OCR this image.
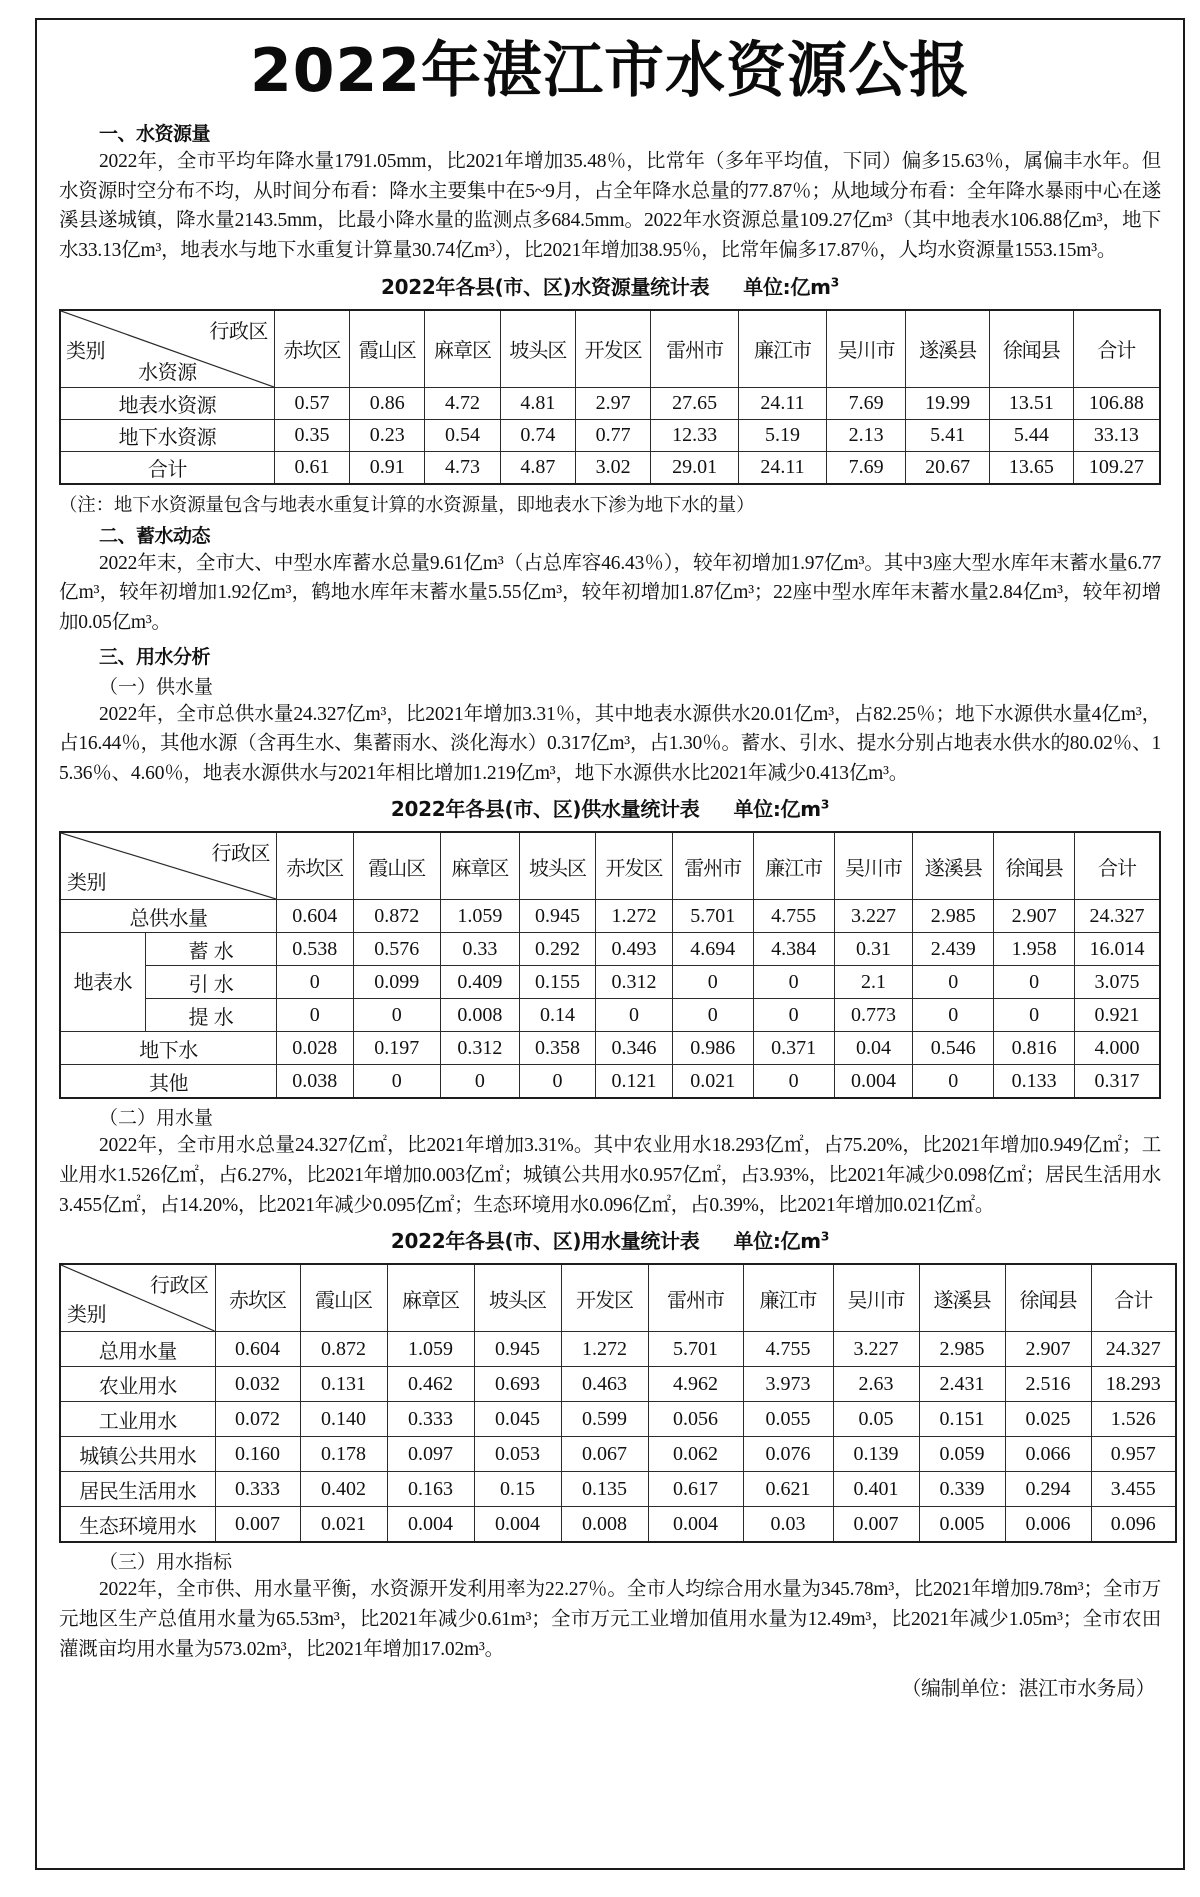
2022年湛江市水资源公报
一、水资源量

2022年，全市平均年降水量1791.05mm，比2021年增加35.48％，比常年（多年平均值，下同）偏多15.63％，属偏丰水年。但水资源时空分布不均，从时间分布看：降水主要集中在5~9月，占全年降水总量的77.87％；从地域分布看：全年降水暴雨中心在遂溪县遂城镇，降水量2143.5mm，比最小降水量的监测点多684.5mm。2022年水资源总量109.27亿m³（其中地表水106.88亿m³，地下水33.13亿m³，地表水与地下水重复计算量30.74亿m³），比2021年增加38.95％，比常年偏多17.87％，人均水资源量1553.15m³。

2022年各县(市、区)水资源量统计表 单位:亿$m^3$
行政区
类别
水资源	赤坎区	霞山区	麻章区	坡头区	开发区	雷州市	廉江市	吴川市	遂溪县	徐闻县	合计
地表水资源	0.57	0.86	4.72	4.81	2.97	27.65	24.11	7.69	19.99	13.51	106.88
地下水资源	0.35	0.23	0.54	0.74	0.77	12.33	5.19	2.13	5.41	5.44	33.13
合计	0.61	0.91	4.73	4.87	3.02	29.01	24.11	7.69	20.67	13.65	109.27
（注：地下水资源量包含与地表水重复计算的水资源量，即地表水下渗为地下水的量）
二、蓄水动态

2022年末，全市大、中型水库蓄水总量9.61亿m³（占总库容46.43％），较年初增加1.97亿m³。其中3座大型水库年末蓄水量6.77亿m³，较年初增加1.92亿m³，鹤地水库年末蓄水量5.55亿m³，较年初增加1.87亿m³；22座中型水库年末蓄水量2.84亿m³，较年初增加0.05亿m³。

三、用水分析
（一）供水量

2022年，全市总供水量24.327亿m³，比2021年增加3.31％，其中地表水源供水20.01亿m³，占82.25％；地下水源供水量4亿m³，占16.44％，其他水源（含再生水、集蓄雨水、淡化海水）0.317亿m³，占1.30％。蓄水、引水、提水分别占地表水供水的80.02％、15.36％、4.60％，地表水源供水与2021年相比增加1.219亿m³，地下水源供水比2021年减少0.413亿m³。

2022年各县(市、区)供水量统计表 单位:亿$m^3$
行政区
类别		赤坎区	霞山区	麻章区	坡头区	开发区	雷州市	廉江市	吴川市	遂溪县	徐闻县	合计
总供水量		0.604	0.872	1.059	0.945	1.272	5.701	4.755	3.227	2.985	2.907	24.327
地表水	蓄 水	0.538	0.576	0.33	0.292	0.493	4.694	4.384	0.31	2.439	1.958	16.014
	引 水	0	0.099	0.409	0.155	0.312	0	0	2.1	0	0	3.075
	提 水	0	0	0.008	0.14	0	0	0	0.773	0	0	0.921
地下水		0.028	0.197	0.312	0.358	0.346	0.986	0.371	0.04	0.546	0.816	4.000
其他		0.038	0	0	0	0.121	0.021	0	0.004	0	0.133	0.317
（二）用水量

2022年，全市用水总量24.327亿㎡，比2021年增加3.31%。其中农业用水18.293亿㎡，占75.20%，比2021年增加0.949亿㎡；工业用水1.526亿㎡，占6.27%，比2021年增加0.003亿㎡；城镇公共用水0.957亿㎡，占3.93%，比2021年减少0.098亿㎡；居民生活用水3.455亿㎡，占14.20%，比2021年减少0.095亿㎡；生态环境用水0.096亿㎡，占0.39%，比2021年增加0.021亿㎡。

2022年各县(市、区)用水量统计表 单位:亿$m^3$
行政区
类别	赤坎区	霞山区	麻章区	坡头区	开发区	雷州市	廉江市	吴川市	遂溪县	徐闻县	合计
总用水量	0.604	0.872	1.059	0.945	1.272	5.701	4.755	3.227	2.985	2.907	24.327
农业用水	0.032	0.131	0.462	0.693	0.463	4.962	3.973	2.63	2.431	2.516	18.293
工业用水	0.072	0.140	0.333	0.045	0.599	0.056	0.055	0.05	0.151	0.025	1.526
城镇公共用水	0.160	0.178	0.097	0.053	0.067	0.062	0.076	0.139	0.059	0.066	0.957
居民生活用水	0.333	0.402	0.163	0.15	0.135	0.617	0.621	0.401	0.339	0.294	3.455
生态环境用水	0.007	0.021	0.004	0.004	0.008	0.004	0.03	0.007	0.005	0.006	0.096
（三）用水指标

2022年，全市供、用水量平衡，水资源开发利用率为22.27％。全市人均综合用水量为345.78m³，比2021年增加9.78m³；全市万元地区生产总值用水量为65.53m³，比2021年减少0.61m³；全市万元工业增加值用水量为12.49m³，比2021年减少1.05m³；全市农田灌溉亩均用水量为573.02m³，比2021年增加17.02m³。

（编制单位：湛江市水务局）
